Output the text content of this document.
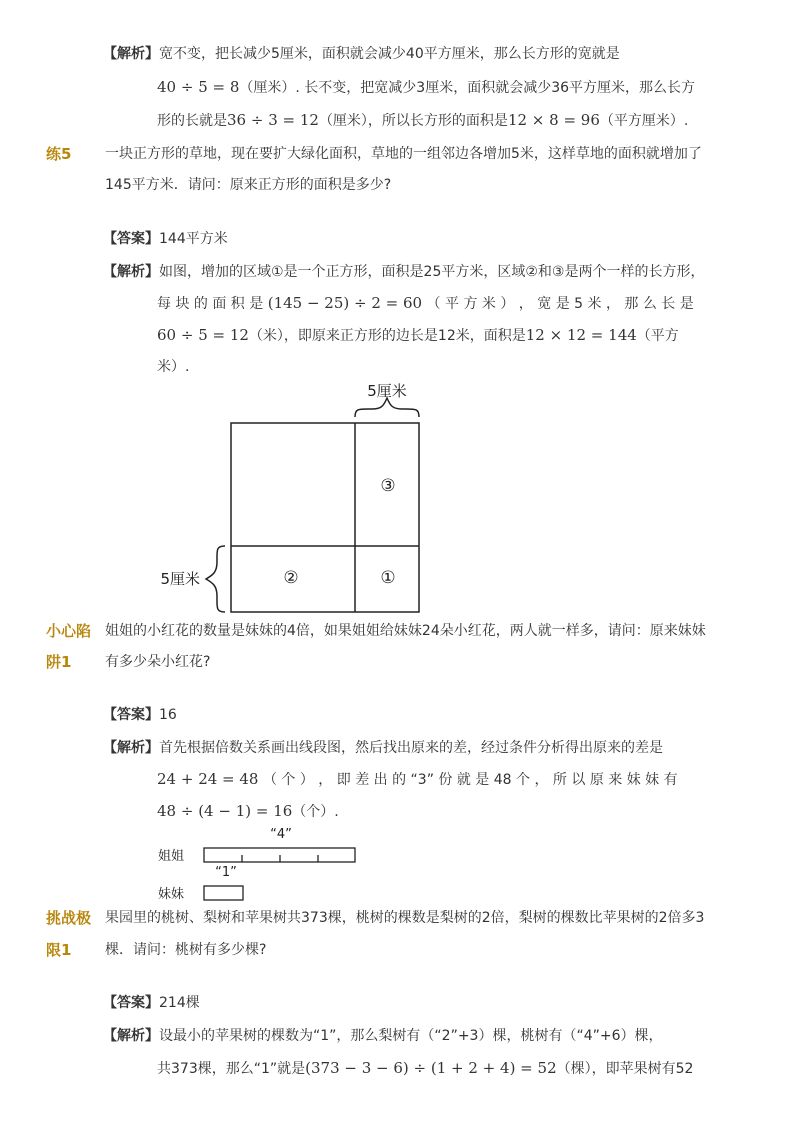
【解析】宽不变，把长减少5厘米，面积就会减少40平方厘米，那么长方形的宽就是
40 ÷ 5 = 8（厘米）. 长不变，把宽减少3厘米，面积就会减少36平方厘米，那么长方
形的长就是36 ÷ 3 = 12（厘米），所以长方形的面积是12 × 8 = 96（平方厘米）.
练5 一块正方形的草地，现在要扩大绿化面积，草地的一组邻边各增加5米，这样草地的面积就增加了
145平方米．请问：原来正方形的面积是多少?
【答案】144平方米
【解析】如图，增加的区域①是一个正方形，面积是25平方米，区域②和③是两个一样的长方形，
每 块 的 面 积 是 (145 − 25) ÷ 2 = 60 （ 平 方 米 ） ， 宽 是 5 米 ， 那 么 长 是
60 ÷ 5 = 12（米），即原来正方形的边长是12米，面积是12 × 12 = 144（平方
米）.
5厘米
5厘米
③
②	①
小心陷
阱1
姐姐的小红花的数量是妹妹的4倍，如果姐姐给妹妹24朵小红花，两人就一样多，请问：原来妹妹
有多少朵小红花?
【答案】16
【解析】首先根据倍数关系画出线段图，然后找出原来的差，经过条件分析得出原来的差是
24 + 24 = 48 （ 个 ） ， 即 差 出 的 “3” 份 就 是 48 个 ， 所 以 原 来 妹 妹 有
48 ÷ (4 − 1) = 16（个）.
“4”
“1”
姐姐
妹妹
挑战极
限1
果园里的桃树、梨树和苹果树共373棵，桃树的棵数是梨树的2倍，梨树的棵数比苹果树的2倍多3
棵．请问：桃树有多少棵?
【答案】214棵
【解析】设最小的苹果树的棵数为“1”，那么梨树有（“2”+3）棵，桃树有（“4”+6）棵，
共373棵，那么“1”就是(373 − 3 − 6) ÷ (1 + 2 + 4) = 52（棵），即苹果树有52
